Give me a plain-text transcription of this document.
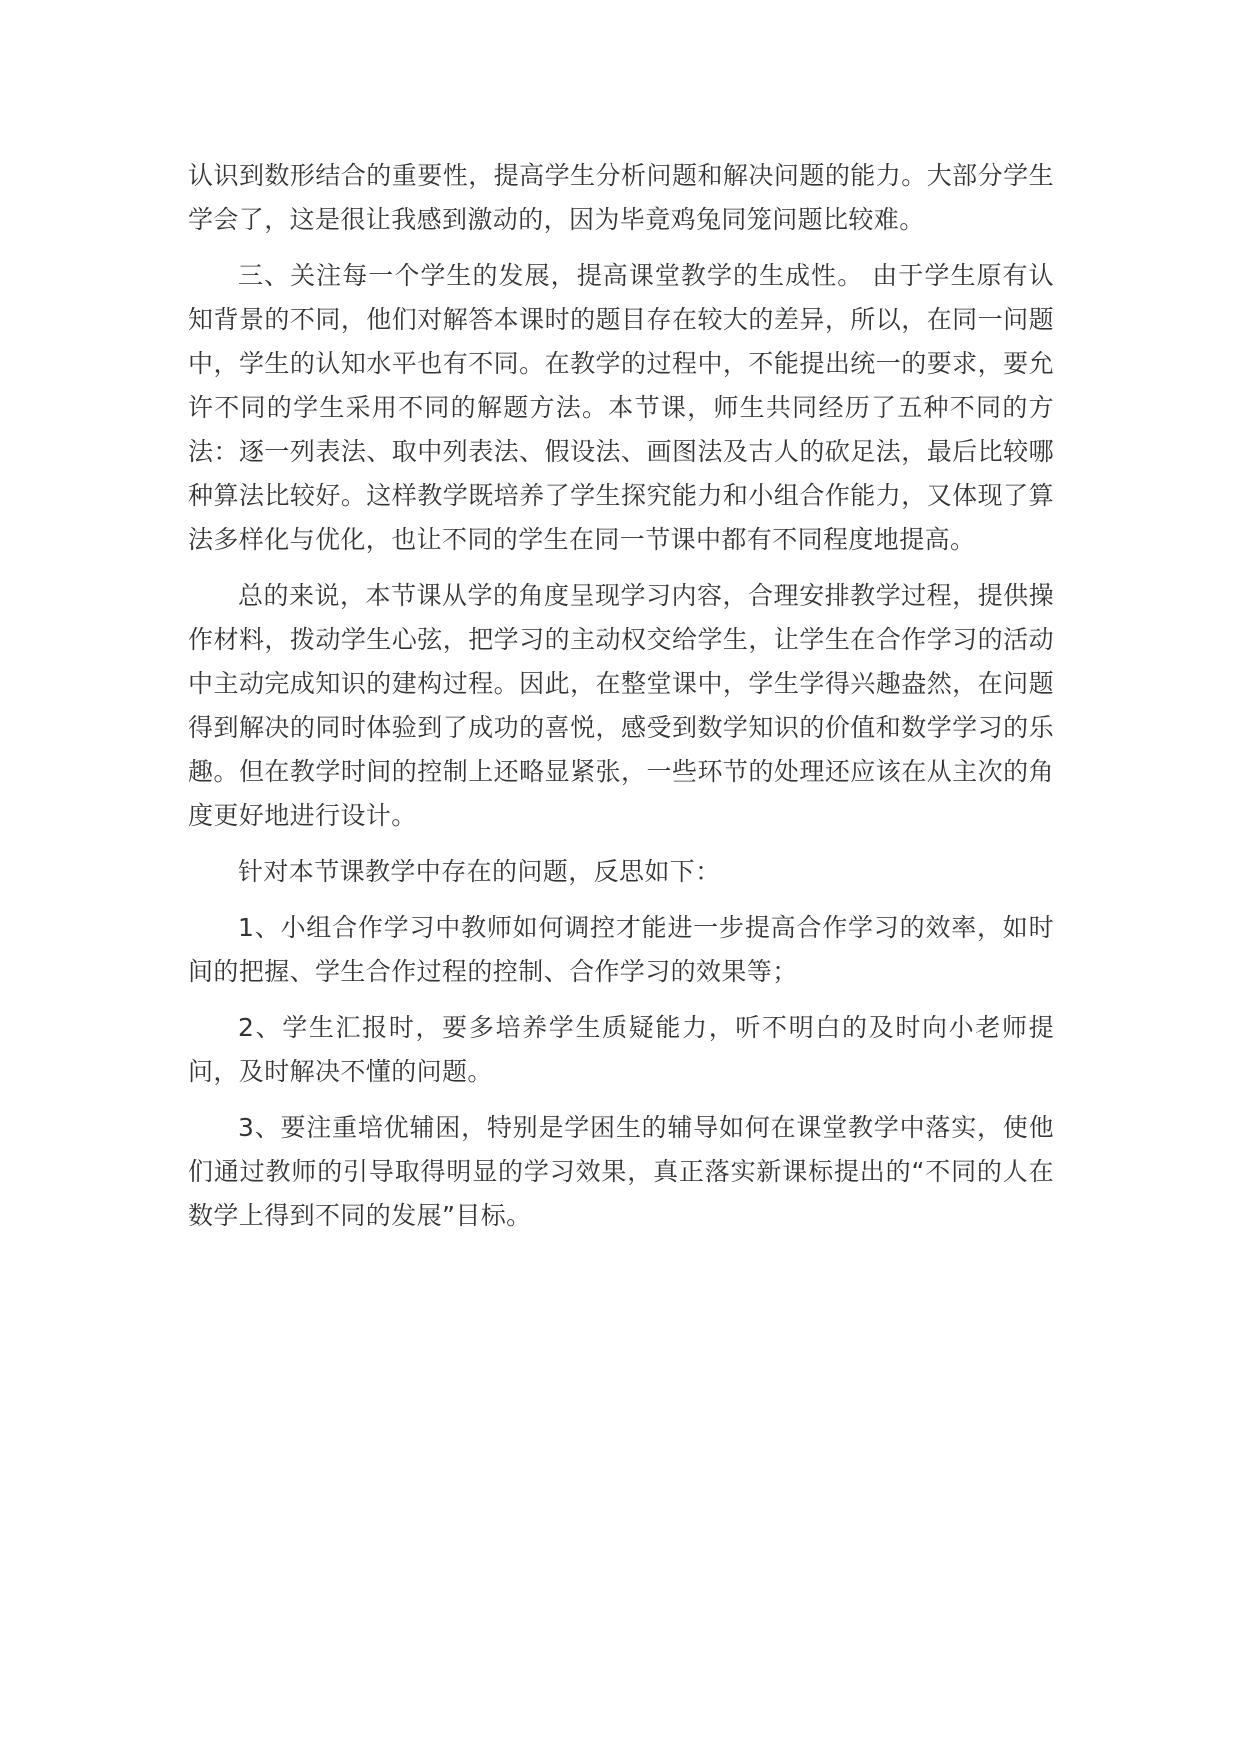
认识到数形结合的重要性，提高学生分析问题和解决问题的能力。大部分学生学会了，这是很让我感到激动的，因为毕竟鸡兔同笼问题比较难。

三、关注每一个学生的发展，提高课堂教学的生成性。 由于学生原有认知背景的不同，他们对解答本课时的题目存在较大的差异，所以，在同一问题中，学生的认知水平也有不同。在教学的过程中，不能提出统一的要求，要允许不同的学生采用不同的解题方法。本节课，师生共同经历了五种不同的方法：逐一列表法、取中列表法、假设法、画图法及古人的砍足法，最后比较哪种算法比较好。这样教学既培养了学生探究能力和小组合作能力，又体现了算法多样化与优化，也让不同的学生在同一节课中都有不同程度地提高。

总的来说，本节课从学的角度呈现学习内容，合理安排教学过程，提供操作材料，拨动学生心弦，把学习的主动权交给学生，让学生在合作学习的活动中主动完成知识的建构过程。因此，在整堂课中，学生学得兴趣盎然，在问题得到解决的同时体验到了成功的喜悦，感受到数学知识的价值和数学学习的乐趣。但在教学时间的控制上还略显紧张，一些环节的处理还应该在从主次的角度更好地进行设计。

针对本节课教学中存在的问题，反思如下：

1、小组合作学习中教师如何调控才能进一步提高合作学习的效率，如时间的把握、学生合作过程的控制、合作学习的效果等；

2、学生汇报时，要多培养学生质疑能力，听不明白的及时向小老师提问，及时解决不懂的问题。

3、要注重培优辅困，特别是学困生的辅导如何在课堂教学中落实，使他们通过教师的引导取得明显的学习效果，真正落实新课标提出的“不同的人在数学上得到不同的发展”目标。
